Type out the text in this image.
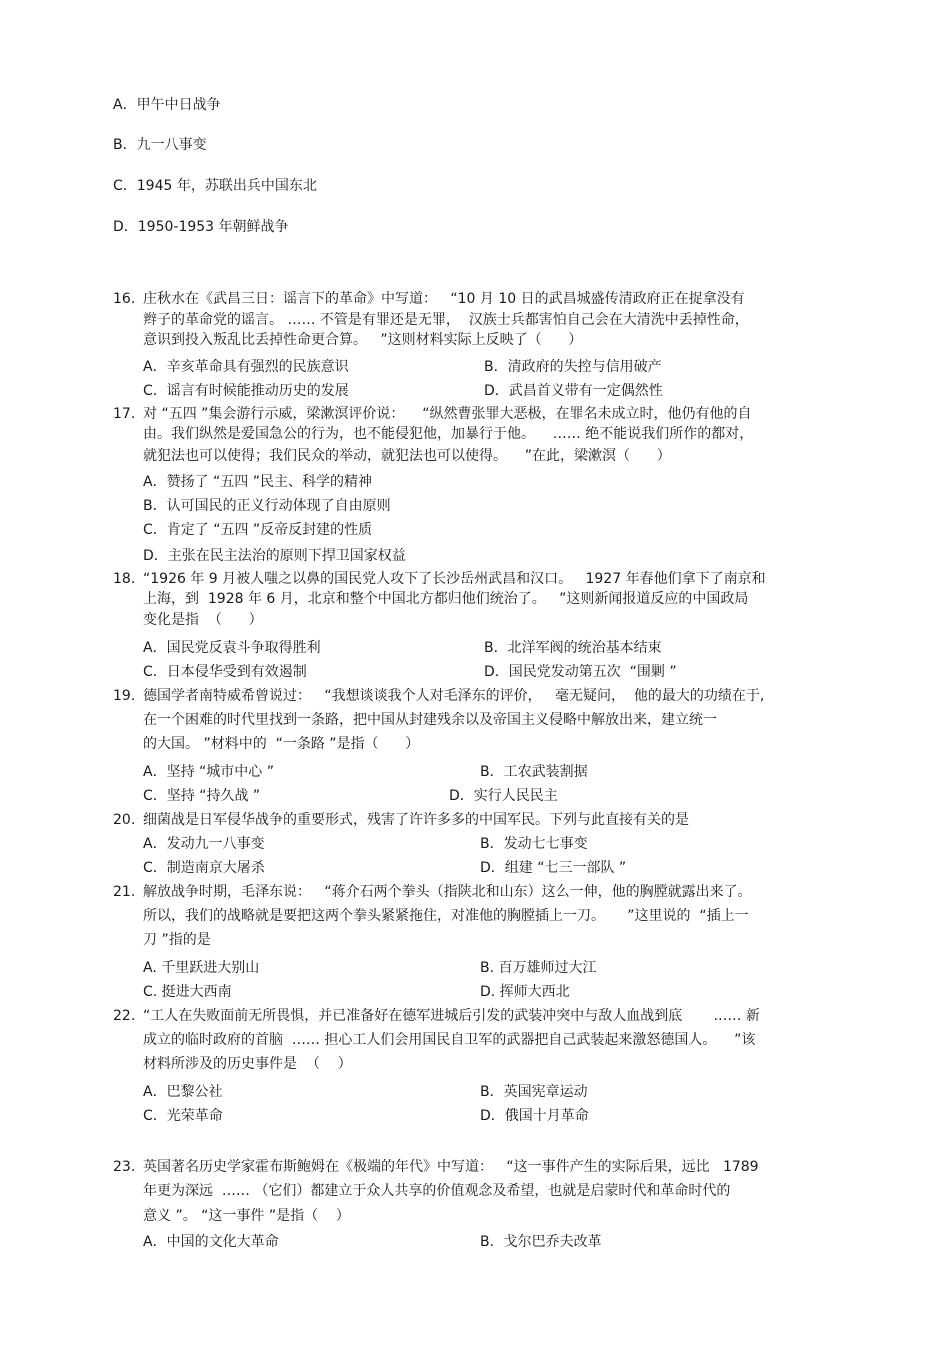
A．甲午中日战争
B．九一八事变
C．1945 年，苏联出兵中国东北
D．1950-1953 年朝鲜战争
16. 庄秋水在《武昌三日：谣言下的革命》中写道：   “10 月 10 日的武昌城盛传清政府正在捉拿没有
辫子的革命党的谣言。 …… 不管是有罪还是无罪，  汉族士兵都害怕自己会在大清洗中丢掉性命，
意识到投入叛乱比丢掉性命更合算。   ”这则材料实际上反映了（      ）
A．辛亥革命具有强烈的民族意识	B．清政府的失控与信用破产
C．谣言有时候能推动历史的发展	D．武昌首义带有一定偶然性
17. 对 “五四 ”集会游行示威，梁漱溟评价说：    “纵然曹张罪大恶极，在罪名未成立时，他仍有他的自
由。我们纵然是爱国急公的行为，也不能侵犯他，加暴行于他。    …… 绝不能说我们所作的都对，
就犯法也可以使得；我们民众的举动，就犯法也可以使得。    ”在此，梁漱溟（      ）
A．赞扬了 “五四 ”民主、科学的精神
B．认可国民的正义行动体现了自由原则
C．肯定了 “五四 ”反帝反封建的性质
D．主张在民主法治的原则下捍卫国家权益
18. “1926 年 9 月被人嗤之以鼻的国民党人攻下了长沙岳州武昌和汉口。   1927 年春他们拿下了南京和
上海，到  1928 年 6 月，北京和整个中国北方都归他们统治了。   ”这则新闻报道反应的中国政局
变化是指  （      ）
A．国民党反袁斗争取得胜利	B．北洋军阀的统治基本结束
C．日本侵华受到有效遏制	D．国民党发动第五次  “围剿 ”
19. 德国学者南特威希曾说过：   “我想谈谈我个人对毛泽东的评价，   毫无疑问，  他的最大的功绩在于,
在一个困难的时代里找到一条路，把中国从封建残余以及帝国主义侵略中解放出来，建立统一
的大国。 ”材料中的  “一条路 ”是指（      ）
A．坚持 “城市中心 ”	B．工农武装割据
C．坚持 “持久战 ”	D．实行人民民主
20. 细菌战是日军侵华战争的重要形式，残害了许许多多的中国军民。下列与此直接有关的是
A．发动九一八事变	B．发动七七事变
C．制造南京大屠杀	D．组建 “七三一部队 ”
21. 解放战争时期，毛泽东说：   “蒋介石两个拳头（指陕北和山东）这么一伸，他的胸膛就露出来了。
所以，我们的战略就是要把这两个拳头紧紧拖住，对准他的胸膛插上一刀。     ”这里说的  “插上一
刀 ”指的是
A. 千里跃进大别山	B. 百万雄师过大江
C. 挺进大西南	D. 挥师大西北
22. “工人在失败面前无所畏惧，并已准备好在德军进城后引发的武装冲突中与敌人血战到底       …… 新
成立的临时政府的首脑  …… 担心工人们会用国民自卫军的武器把自己武装起来激怒德国人。    ”该
材料所涉及的历史事件是  （    ）
A．巴黎公社	B．英国宪章运动
C．光荣革命	D．俄国十月革命
23. 英国著名历史学家霍布斯鲍姆在《极端的年代》中写道：   “这一事件产生的实际后果，远比   1789
年更为深远  …… （它们）都建立于众人共享的价值观念及希望，也就是启蒙时代和革命时代的
意义 ”。 “这一事件 ”是指（    ）
A．中国的文化大革命	B．戈尔巴乔夫改革
